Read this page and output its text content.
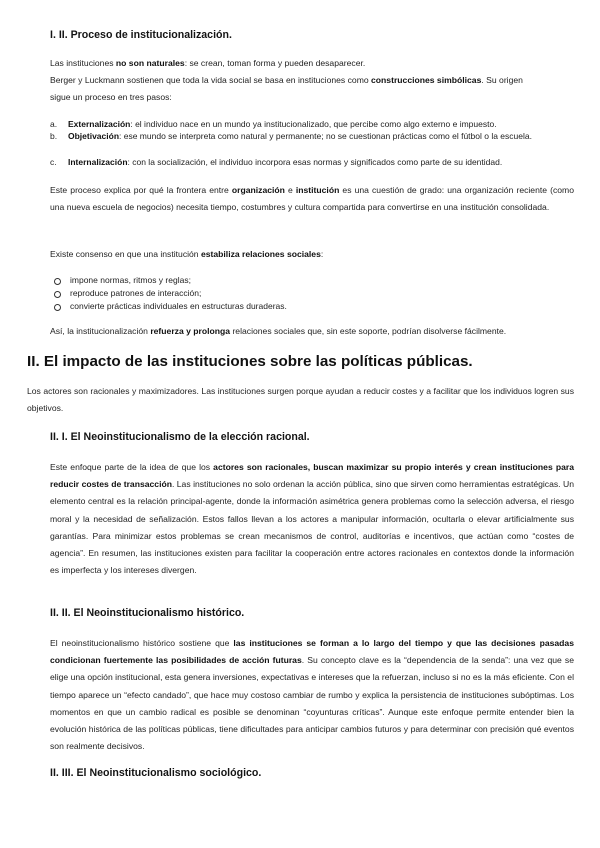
I. II. Proceso de institucionalización.
Las instituciones no son naturales: se crean, toman forma y pueden desaparecer.
Berger y Luckmann sostienen que toda la vida social se basa en instituciones como construcciones simbólicas. Su origen
sigue un proceso en tres pasos:
a. Externalización: el individuo nace en un mundo ya institucionalizado, que percibe como algo externo e impuesto.
b. Objetivación: ese mundo se interpreta como natural y permanente; no se cuestionan prácticas como el fútbol o la escuela.
c. Internalización: con la socialización, el individuo incorpora esas normas y significados como parte de su identidad.
Este proceso explica por qué la frontera entre organización e institución es una cuestión de grado: una organización reciente (como una nueva escuela de negocios) necesita tiempo, costumbres y cultura compartida para convertirse en una institución consolidada.
Existe consenso en que una institución estabiliza relaciones sociales:
impone normas, ritmos y reglas;
reproduce patrones de interacción;
convierte prácticas individuales en estructuras duraderas.
Así, la institucionalización refuerza y prolonga relaciones sociales que, sin este soporte, podrían disolverse fácilmente.
II. El impacto de las instituciones sobre las políticas públicas.
Los actores son racionales y maximizadores. Las instituciones surgen porque ayudan a reducir costes y a facilitar que los individuos logren sus objetivos.
II. I. El Neoinstitucionalismo de la elección racional.
Este enfoque parte de la idea de que los actores son racionales, buscan maximizar su propio interés y crean instituciones para reducir costes de transacción. Las instituciones no solo ordenan la acción pública, sino que sirven como herramientas estratégicas. Un elemento central es la relación principal-agente, donde la información asimétrica genera problemas como la selección adversa, el riesgo moral y la necesidad de señalización. Estos fallos llevan a los actores a manipular información, ocultarla o elevar artificialmente sus garantías. Para minimizar estos problemas se crean mecanismos de control, auditorías e incentivos, que actúan como “costes de agencia”. En resumen, las instituciones existen para facilitar la cooperación entre actores racionales en contextos donde la información es imperfecta y los intereses divergen.
II. II. El Neoinstitucionalismo histórico.
El neoinstitucionalismo histórico sostiene que las instituciones se forman a lo largo del tiempo y que las decisiones pasadas condicionan fuertemente las posibilidades de acción futuras. Su concepto clave es la “dependencia de la senda”: una vez que se elige una opción institucional, esta genera inversiones, expectativas e intereses que la refuerzan, incluso si no es la más eficiente. Con el tiempo aparece un “efecto candado”, que hace muy costoso cambiar de rumbo y explica la persistencia de instituciones subóptimas. Los momentos en que un cambio radical es posible se denominan “coyunturas críticas”. Aunque este enfoque permite entender bien la evolución histórica de las políticas públicas, tiene dificultades para anticipar cambios futuros y para determinar con precisión qué eventos son realmente decisivos.
II. III. El Neoinstitucionalismo sociológico.
